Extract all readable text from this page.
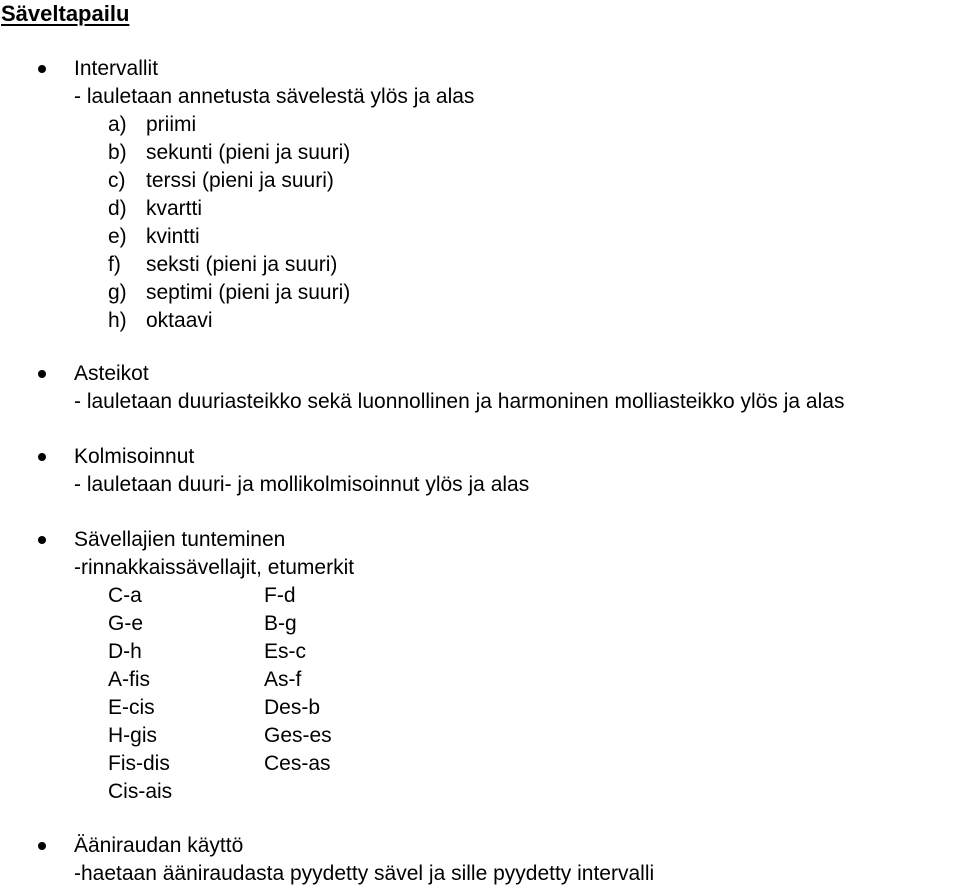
Säveltapailu
Intervallit
- lauletaan annetusta sävelestä ylös ja alas
a) priimi
b) sekunti (pieni ja suuri)
c) terssi (pieni ja suuri)
d) kvartti
e) kvintti
f) seksti (pieni ja suuri)
g) septimi (pieni ja suuri)
h) oktaavi
Asteikot
- lauletaan duuriasteikko sekä luonnollinen ja harmoninen molliasteikko ylös ja alas
Kolmisoinnut
- lauletaan duuri- ja mollikolmisoinnut ylös ja alas
Sävellajien tunteminen
-rinnakkaissävellajit, etumerkit
C-a	F-d
G-e	B-g
D-h	Es-c
A-fis	As-f
E-cis	Des-b
H-gis	Ges-es
Fis-dis	Ces-as
Cis-ais
Ääniraudan käyttö
-haetaan ääniraudasta pyydetty sävel ja sille pyydetty intervalli
